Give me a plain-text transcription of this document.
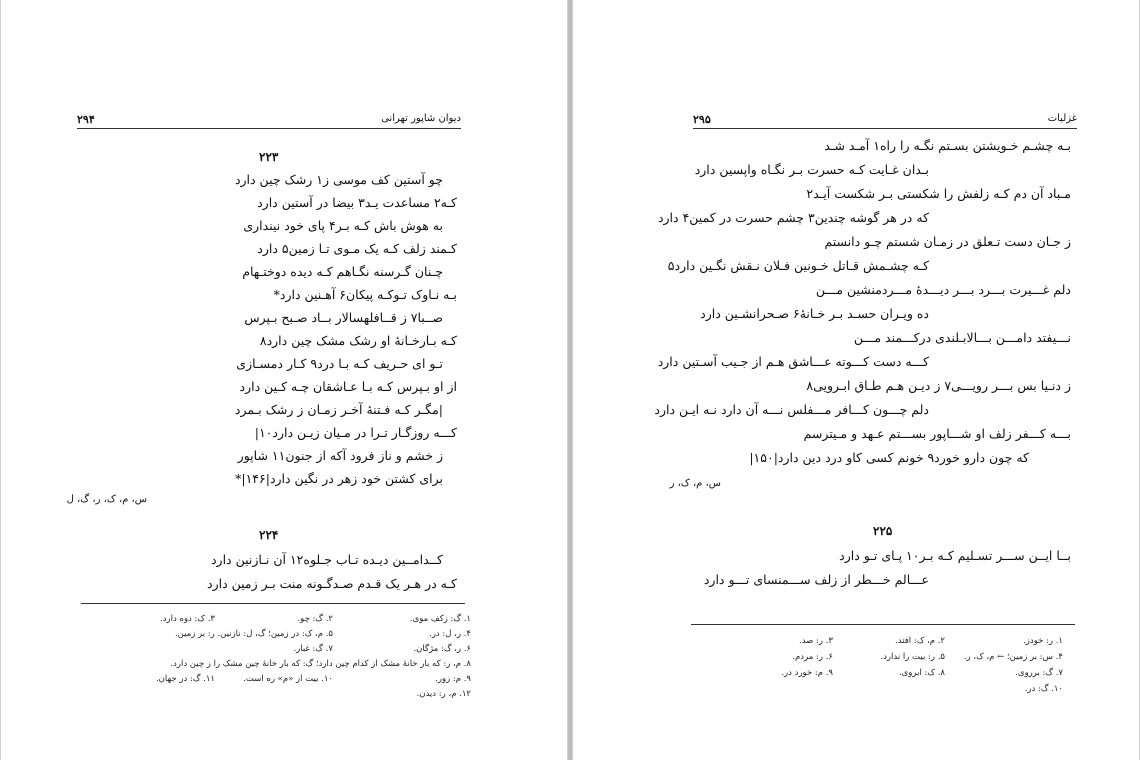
۲۹۴	دیوان شاپور تهرانی
۲۲۳
چو آستین کف موسی ز۱ رشک چین دارد
کـه۲ مساعدت یـد۳ بیضا در آستین دارد
به هوش باش کـه بـر۴ پای خود نینداری
کـمند زلف کـه یک مـوی تـا زمین۵ دارد
چـنان گـرسنه نگـاهم کـه دیده دوختـهام
بـه نـاوک تـوکـه پیکان۶ آهـنین دارد*
صــبا۷ ز قــافلهسالار بــاد صـبح بـپرس
کـه بـارخـانهٔ او رشک مشک چین دارد۸
تـو ای حـریف کـه بـا درد۹ کـار دمسـازی
از او بـپرس کـه بـا عـاشقان چـه کـین دارد
|مگـر کـه فـتنهٔ آخـر زمـان ز رشک بـمرد
کـــه روزگـار تـرا در مـیان زیـن دارد۱۰|
ز خشم و ناز فرود آکه از جنون۱۱ شاپور
برای کشتن خود زهر در نگین دارد|۱۴۶|*
س، م، ک، ر، گ، ل
۲۲۴
کــدامــین دیـده تـاب جـلوه۱۲ آن نـازنین دارد
کـه در هـر یک قـدم صـدگـونه منت بـر زمین دارد
۱. گ: زکف موی.
۲. گ: چو.
۳. ک: دوه دارد.
۴. ر، ل: در.
۵. م، ک: در زمین؛ گ، ل: نازنین. ر: بر زمین.
۶. ر، گ: مژگان.
۷. گ: غبار.
۸. م، ر: که بار خانهٔ مشک از کدام چین دارد؛ گ: که بار خانهٔ چین مشک را ز چین دارد.
۹. م: زور.
۱۰. بیت از «م» ره است.
۱۱. گ: در جهان.
۱۲. م، ر: دیدن.
۲۹۵	غزلیات
بـه چشـم خـویشتن بسـتم نگـه را راه۱ آمـد شـد
بـدان غـایت کـه حسرت بـر نگـاه واپسین دارد
مـباد آن دم کـه زلفش را شکستی بـر شکست آیـد۲
که در هر گوشه چندین۳ چشم حسرت در کمین۴ دارد
ز جـان دست تـعلق در زمـان شستم چـو دانستم
کـه چشـمش قـاتل خـونین فـلان نـقش نگـین دارد۵
دلم غـــیرت بـــرد بـــر دیـــدهٔ مـــردمنشین مـــن
ده ویـران حسـد بـر خـانهٔ۶ صـحرانشـین دارد
نـــیفتد دامـــن بـــالابـلندی درکـــمند مـــن
کـــه دست کـــوته عـــاشق هـم از جـیب آسـتین دارد
ز دنـیا بس بـــر رویـــی۷ ز دیـن هـم طـاق ابـرویی۸
دلم چـــون کـــافر مـــفلس نـــه آن دارد نـه ایـن دارد
بـــه کـــفر زلف او شـــاپور بســـتم عـهد و مـیترسم
که چون دارو خورد۹ خونم کسی کاو درد دین دارد|۱۵۰|
س، م، ک، ر
۲۲۵
بــا ایــن ســـر تسـلیم کـه بـر۱۰ پـای تـو دارد
عـــالم خـــطر از زلف ســـمنسای تـــو دارد
۱. ر: خودز.
۲. م، ک: افتد.
۳. ر: صد.
۴. س: بر زمین؛ ← م، ک، ر.
۵. ر: بیت را ندارد.
۶. ر: مردم.
۷. گ: برروی.
۸. ک: ابروی.
۹. م: خورد در.
۱۰. گ: در.
